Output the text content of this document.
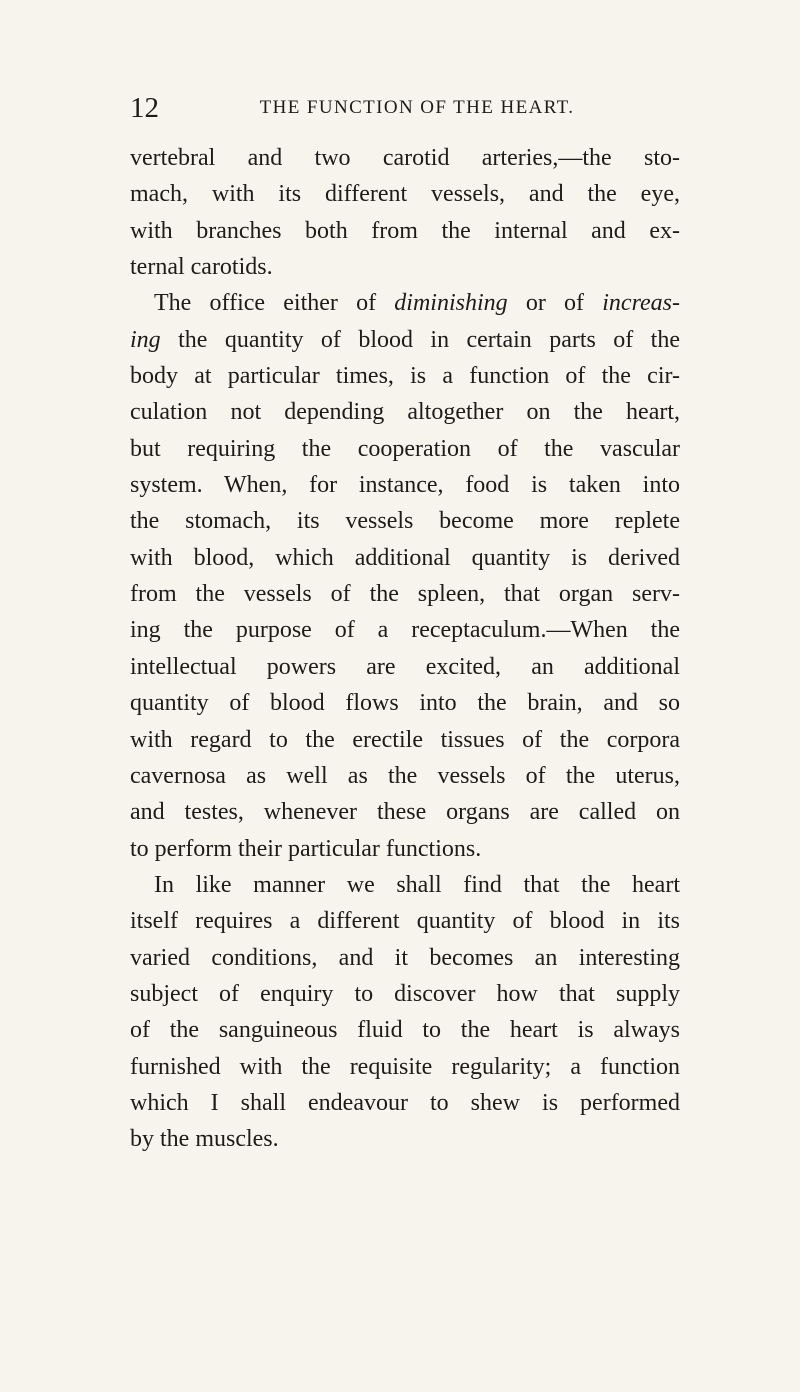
12	THE FUNCTION OF THE HEART.
vertebral and two carotid arteries,—the sto-
mach, with its different vessels, and the eye,
with branches both from the internal and ex-
ternal carotids.
The office either of diminishing or of increas-
ing the quantity of blood in certain parts of the
body at particular times, is a function of the cir-
culation not depending altogether on the heart,
but requiring the cooperation of the vascular
system. When, for instance, food is taken into
the stomach, its vessels become more replete
with blood, which additional quantity is derived
from the vessels of the spleen, that organ serv-
ing the purpose of a receptaculum.—When the
intellectual powers are excited, an additional
quantity of blood flows into the brain, and so
with regard to the erectile tissues of the corpora
cavernosa as well as the vessels of the uterus,
and testes, whenever these organs are called on
to perform their particular functions.
In like manner we shall find that the heart
itself requires a different quantity of blood in its
varied conditions, and it becomes an interesting
subject of enquiry to discover how that supply
of the sanguineous fluid to the heart is always
furnished with the requisite regularity; a function
which I shall endeavour to shew is performed
by the muscles.
